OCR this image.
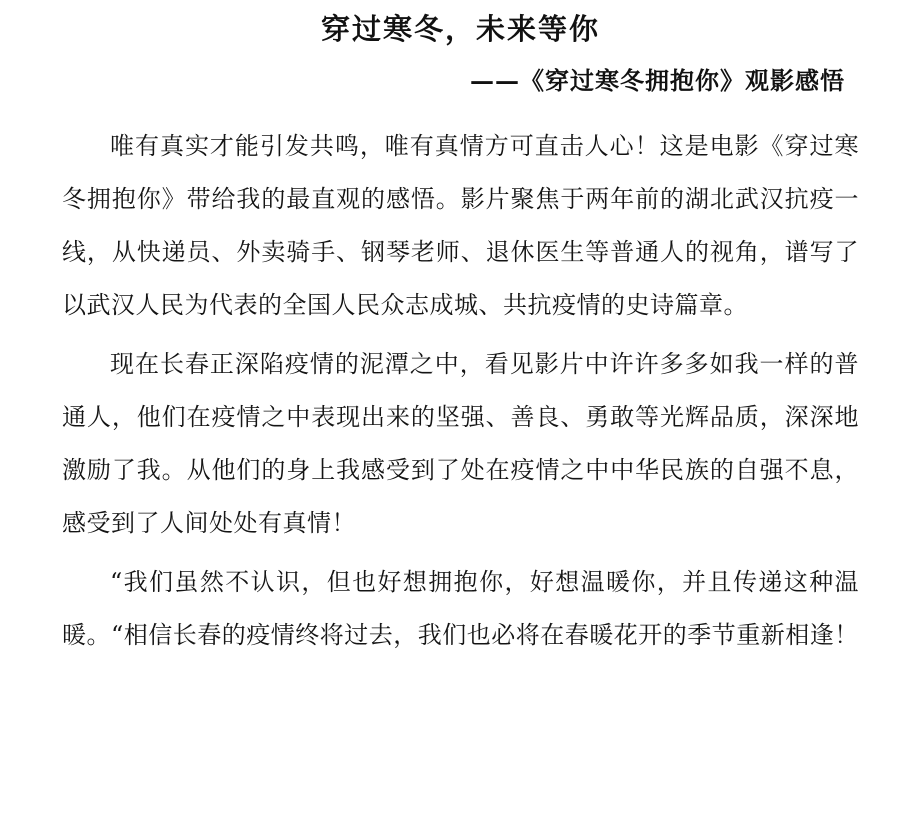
穿过寒冬，未来等你
——《穿过寒冬拥抱你》观影感悟

唯有真实才能引发共鸣，唯有真情方可直击人心！这是电影《穿过寒冬拥抱你》带给我的最直观的感悟。影片聚焦于两年前的湖北武汉抗疫一线，从快递员、外卖骑手、钢琴老师、退休医生等普通人的视角，谱写了以武汉人民为代表的全国人民众志成城、共抗疫情的史诗篇章。

现在长春正深陷疫情的泥潭之中，看见影片中许许多多如我一样的普通人，他们在疫情之中表现出来的坚强、善良、勇敢等光辉品质，深深地激励了我。从他们的身上我感受到了处在疫情之中中华民族的自强不息，感受到了人间处处有真情！

“我们虽然不认识，但也好想拥抱你，好想温暖你，并且传递这种温暖。“相信长春的疫情终将过去，我们也必将在春暖花开的季节重新相逢！
